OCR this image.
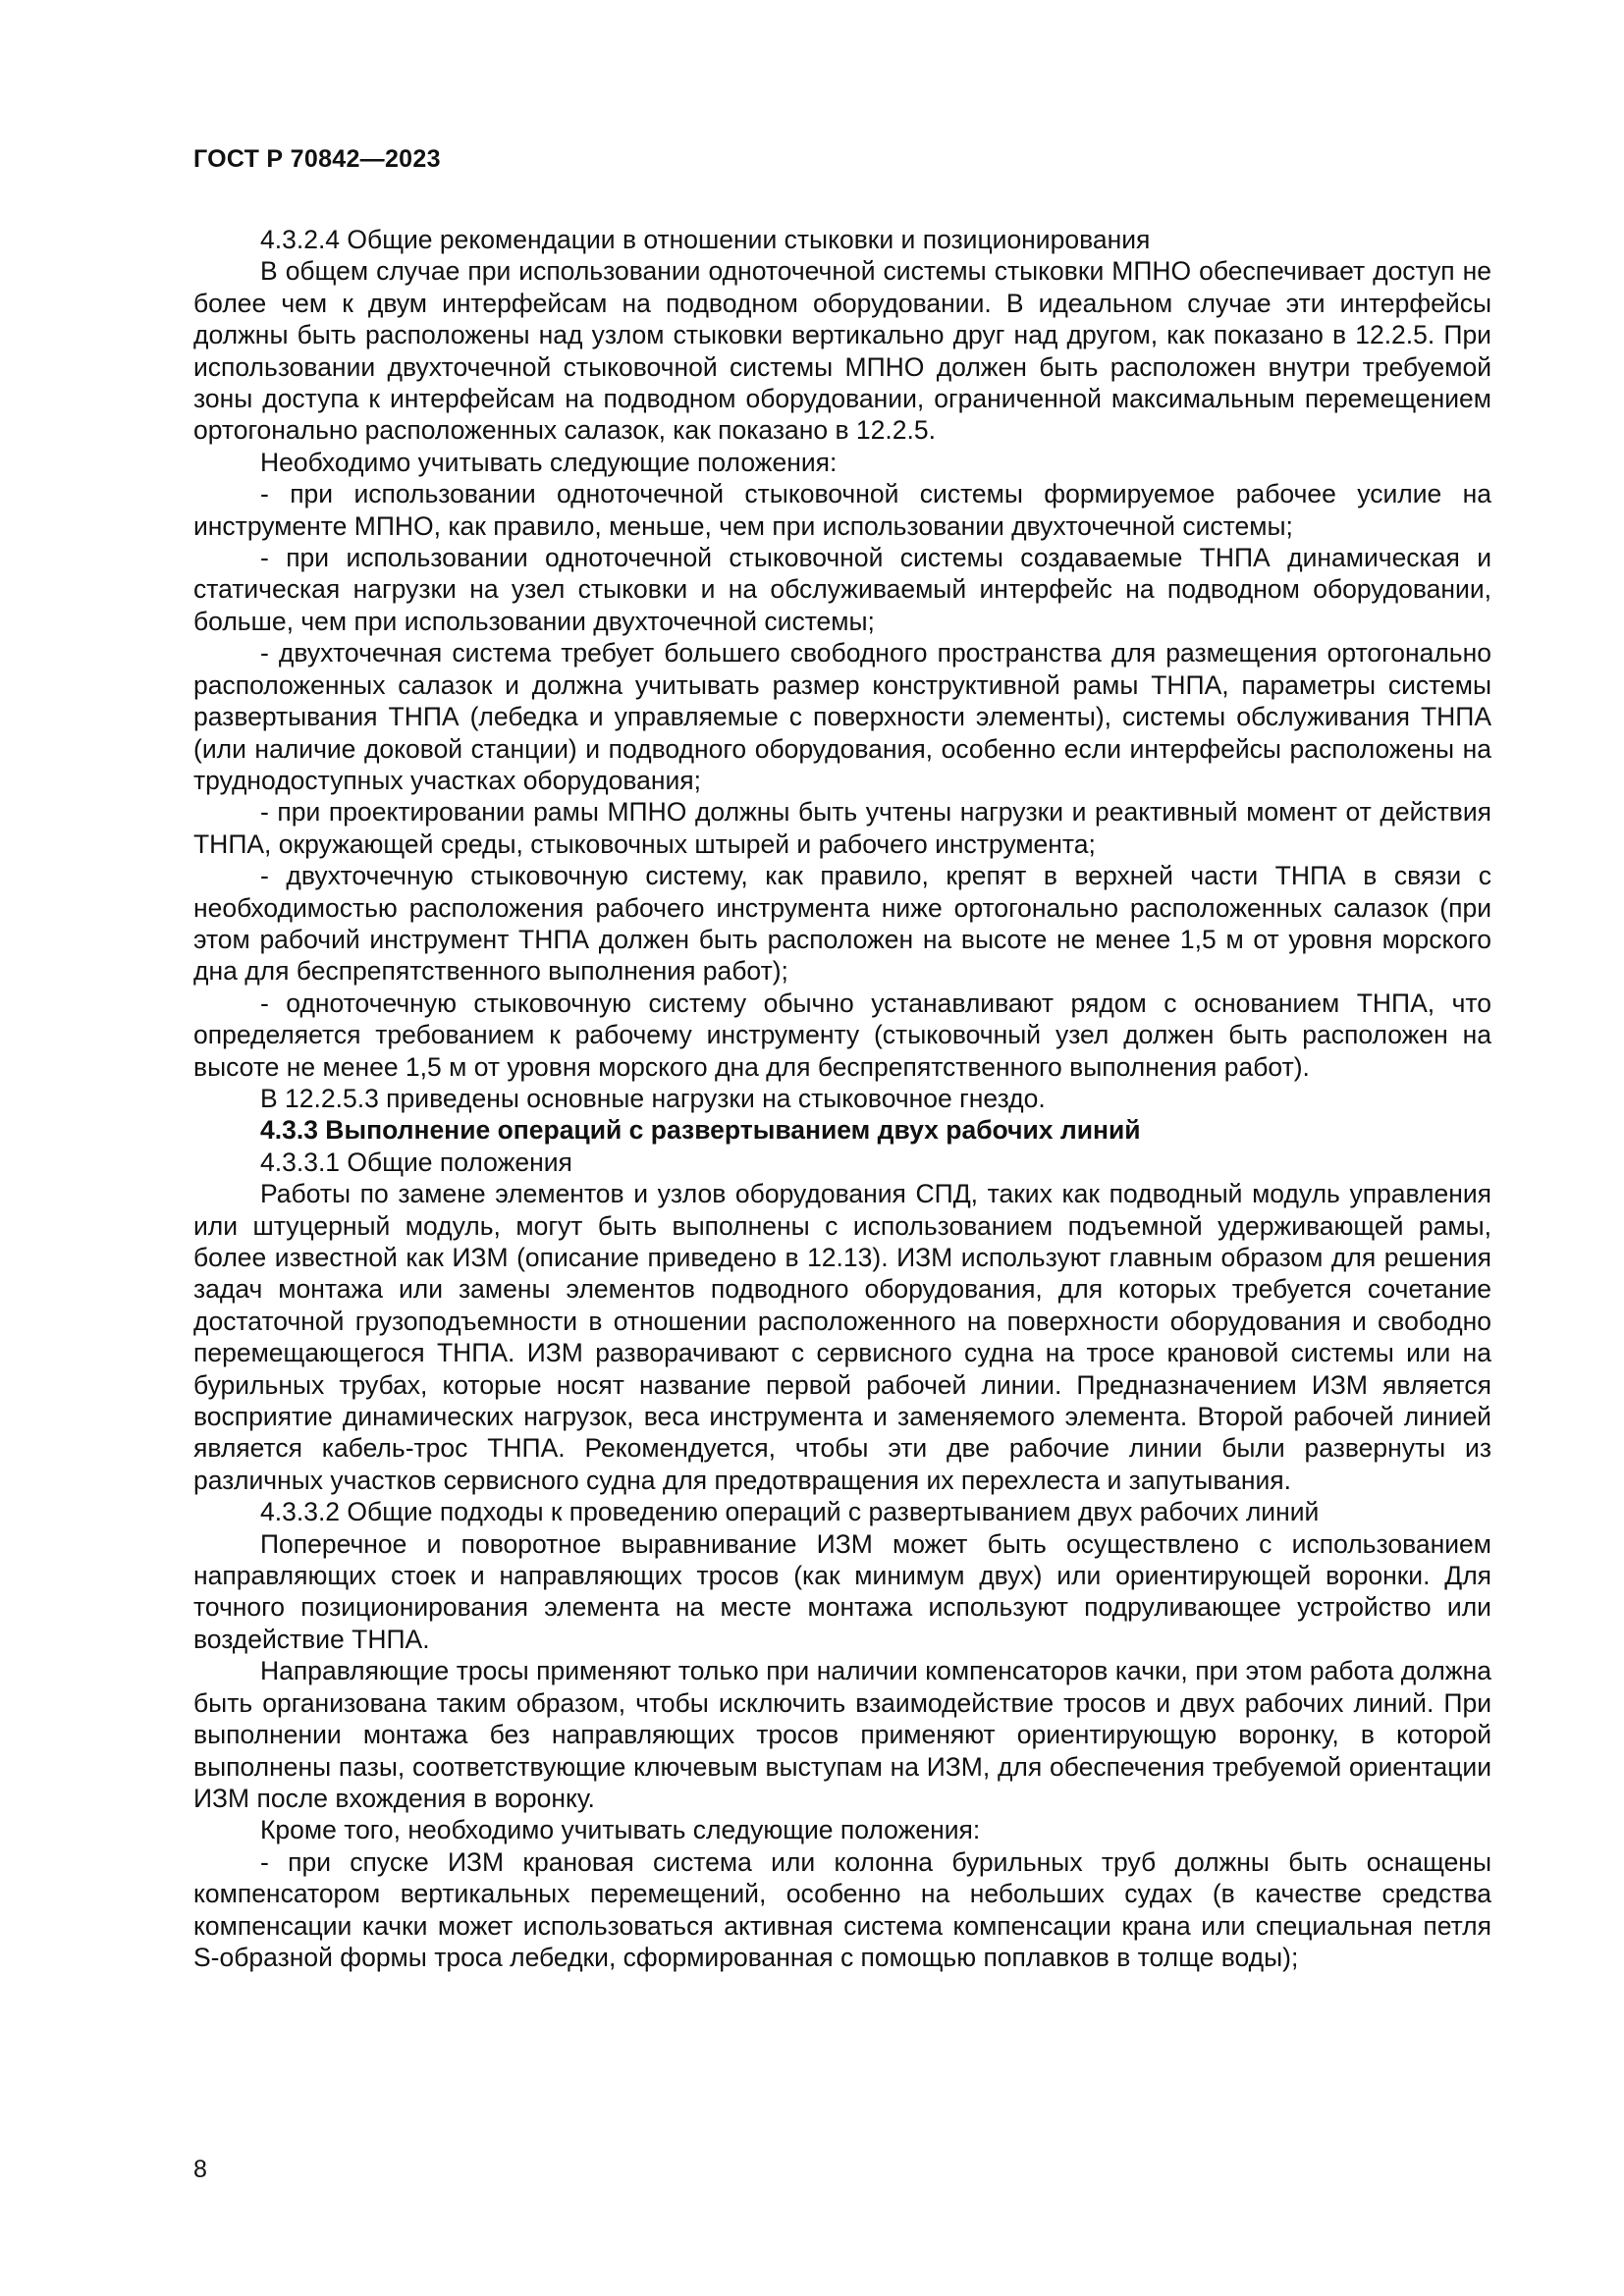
ГОСТ Р 70842—2023

4.3.2.4 Общие рекомендации в отношении стыковки и позиционирования

В общем случае при использовании одноточечной системы стыковки МПНО обеспечивает доступ не более чем к двум интерфейсам на подводном оборудовании. В идеальном случае эти интерфейсы должны быть расположены над узлом стыковки вертикально друг над другом, как показано в 12.2.5. При использовании двухточечной стыковочной системы МПНО должен быть расположен внутри требуемой зоны доступа к интерфейсам на подводном оборудовании, ограниченной максимальным перемещением ортогонально расположенных салазок, как показано в 12.2.5.

Необходимо учитывать следующие положения:

- при использовании одноточечной стыковочной системы формируемое рабочее усилие на инструменте МПНО, как правило, меньше, чем при использовании двухточечной системы;

- при использовании одноточечной стыковочной системы создаваемые ТНПА динамическая и статическая нагрузки на узел стыковки и на обслуживаемый интерфейс на подводном оборудовании, больше, чем при использовании двухточечной системы;

- двухточечная система требует большего свободного пространства для размещения ортогонально расположенных салазок и должна учитывать размер конструктивной рамы ТНПА, параметры системы развертывания ТНПА (лебедка и управляемые с поверхности элементы), системы обслуживания ТНПА (или наличие доковой станции) и подводного оборудования, особенно если интерфейсы расположены на труднодоступных участках оборудования;

- при проектировании рамы МПНО должны быть учтены нагрузки и реактивный момент от действия ТНПА, окружающей среды, стыковочных штырей и рабочего инструмента;

- двухточечную стыковочную систему, как правило, крепят в верхней части ТНПА в связи с необходимостью расположения рабочего инструмента ниже ортогонально расположенных салазок (при этом рабочий инструмент ТНПА должен быть расположен на высоте не менее 1,5 м от уровня морского дна для беспрепятственного выполнения работ);

- одноточечную стыковочную систему обычно устанавливают рядом с основанием ТНПА, что определяется требованием к рабочему инструменту (стыковочный узел должен быть расположен на высоте не менее 1,5 м от уровня морского дна для беспрепятственного выполнения работ).

В 12.2.5.3 приведены основные нагрузки на стыковочное гнездо.

4.3.3 Выполнение операций с развертыванием двух рабочих линий

4.3.3.1 Общие положения

Работы по замене элементов и узлов оборудования СПД, таких как подводный модуль управления или штуцерный модуль, могут быть выполнены с использованием подъемной удерживающей рамы, более известной как ИЗМ (описание приведено в 12.13). ИЗМ используют главным образом для решения задач монтажа или замены элементов подводного оборудования, для которых требуется сочетание достаточной грузоподъемности в отношении расположенного на поверхности оборудования и свободно перемещающегося ТНПА. ИЗМ разворачивают с сервисного судна на тросе крановой системы или на бурильных трубах, которые носят название первой рабочей линии. Предназначением ИЗМ является восприятие динамических нагрузок, веса инструмента и заменяемого элемента. Второй рабочей линией является кабель-трос ТНПА. Рекомендуется, чтобы эти две рабочие линии были развернуты из различных участков сервисного судна для предотвращения их перехлеста и запутывания.

4.3.3.2 Общие подходы к проведению операций с развертыванием двух рабочих линий

Поперечное и поворотное выравнивание ИЗМ может быть осуществлено с использованием направляющих стоек и направляющих тросов (как минимум двух) или ориентирующей воронки. Для точного позиционирования элемента на месте монтажа используют подруливающее устройство или воздействие ТНПА.

Направляющие тросы применяют только при наличии компенсаторов качки, при этом работа должна быть организована таким образом, чтобы исключить взаимодействие тросов и двух рабочих линий. При выполнении монтажа без направляющих тросов применяют ориентирующую воронку, в которой выполнены пазы, соответствующие ключевым выступам на ИЗМ, для обеспечения требуемой ориентации ИЗМ после вхождения в воронку.

Кроме того, необходимо учитывать следующие положения:

- при спуске ИЗМ крановая система или колонна бурильных труб должны быть оснащены компенсатором вертикальных перемещений, особенно на небольших судах (в качестве средства компенсации качки может использоваться активная система компенсации крана или специальная петля S-образной формы троса лебедки, сформированная с помощью поплавков в толще воды);

8
